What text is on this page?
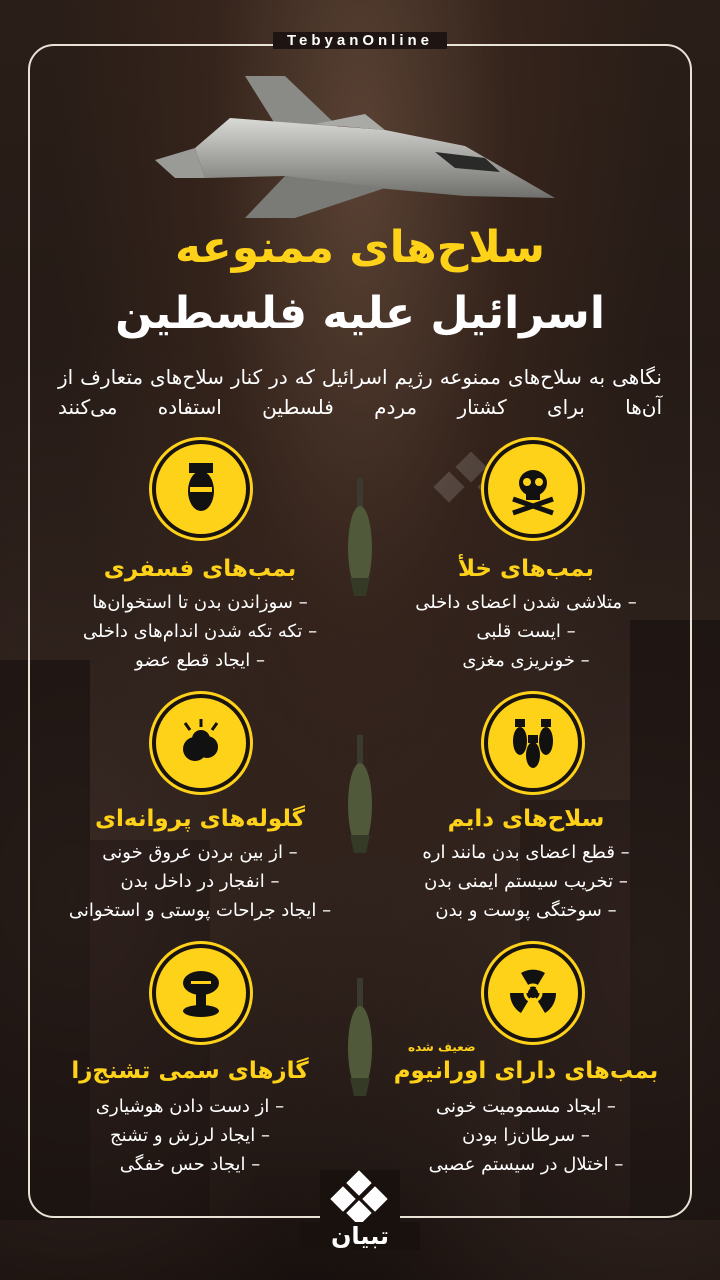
TebyanOnline
سلاح‌های ممنوعه
اسرائیل علیه فلسطین
نگاهی به سلاح‌های ممنوعه رژیم اسرائیل که در کنار سلاح‌های متعارف از آن‌ها برای کشتار مردم فلسطین استفاده می‌کنند
بمب‌های خلأ
– متلاشی شدن اعضای داخلی
– ایست قلبی
– خونریزی مغزی
بمب‌های فسفری
– سوزاندن بدن تا استخوان‌ها
– تکه تکه شدن اندام‌های داخلی
– ایجاد قطع عضو
سلاح‌های دایم
– قطع اعضای بدن مانند اره
– تخریب سیستم ایمنی بدن
– سوختگی پوست و بدن
گلوله‌های پروانه‌ای
– از بین بردن عروق خونی
– انفجار در داخل بدن
– ایجاد جراحات پوستی و استخوانی
ضعیف شده
بمب‌های دارای اورانیوم
– ایجاد مسمومیت خونی
– سرطان‌زا بودن
– اختلال در سیستم عصبی
گازهای سمی تشنج‌زا
– از دست دادن هوشیاری
– ایجاد لرزش و تشنج
– ایجاد حس خفگی
تبیان
